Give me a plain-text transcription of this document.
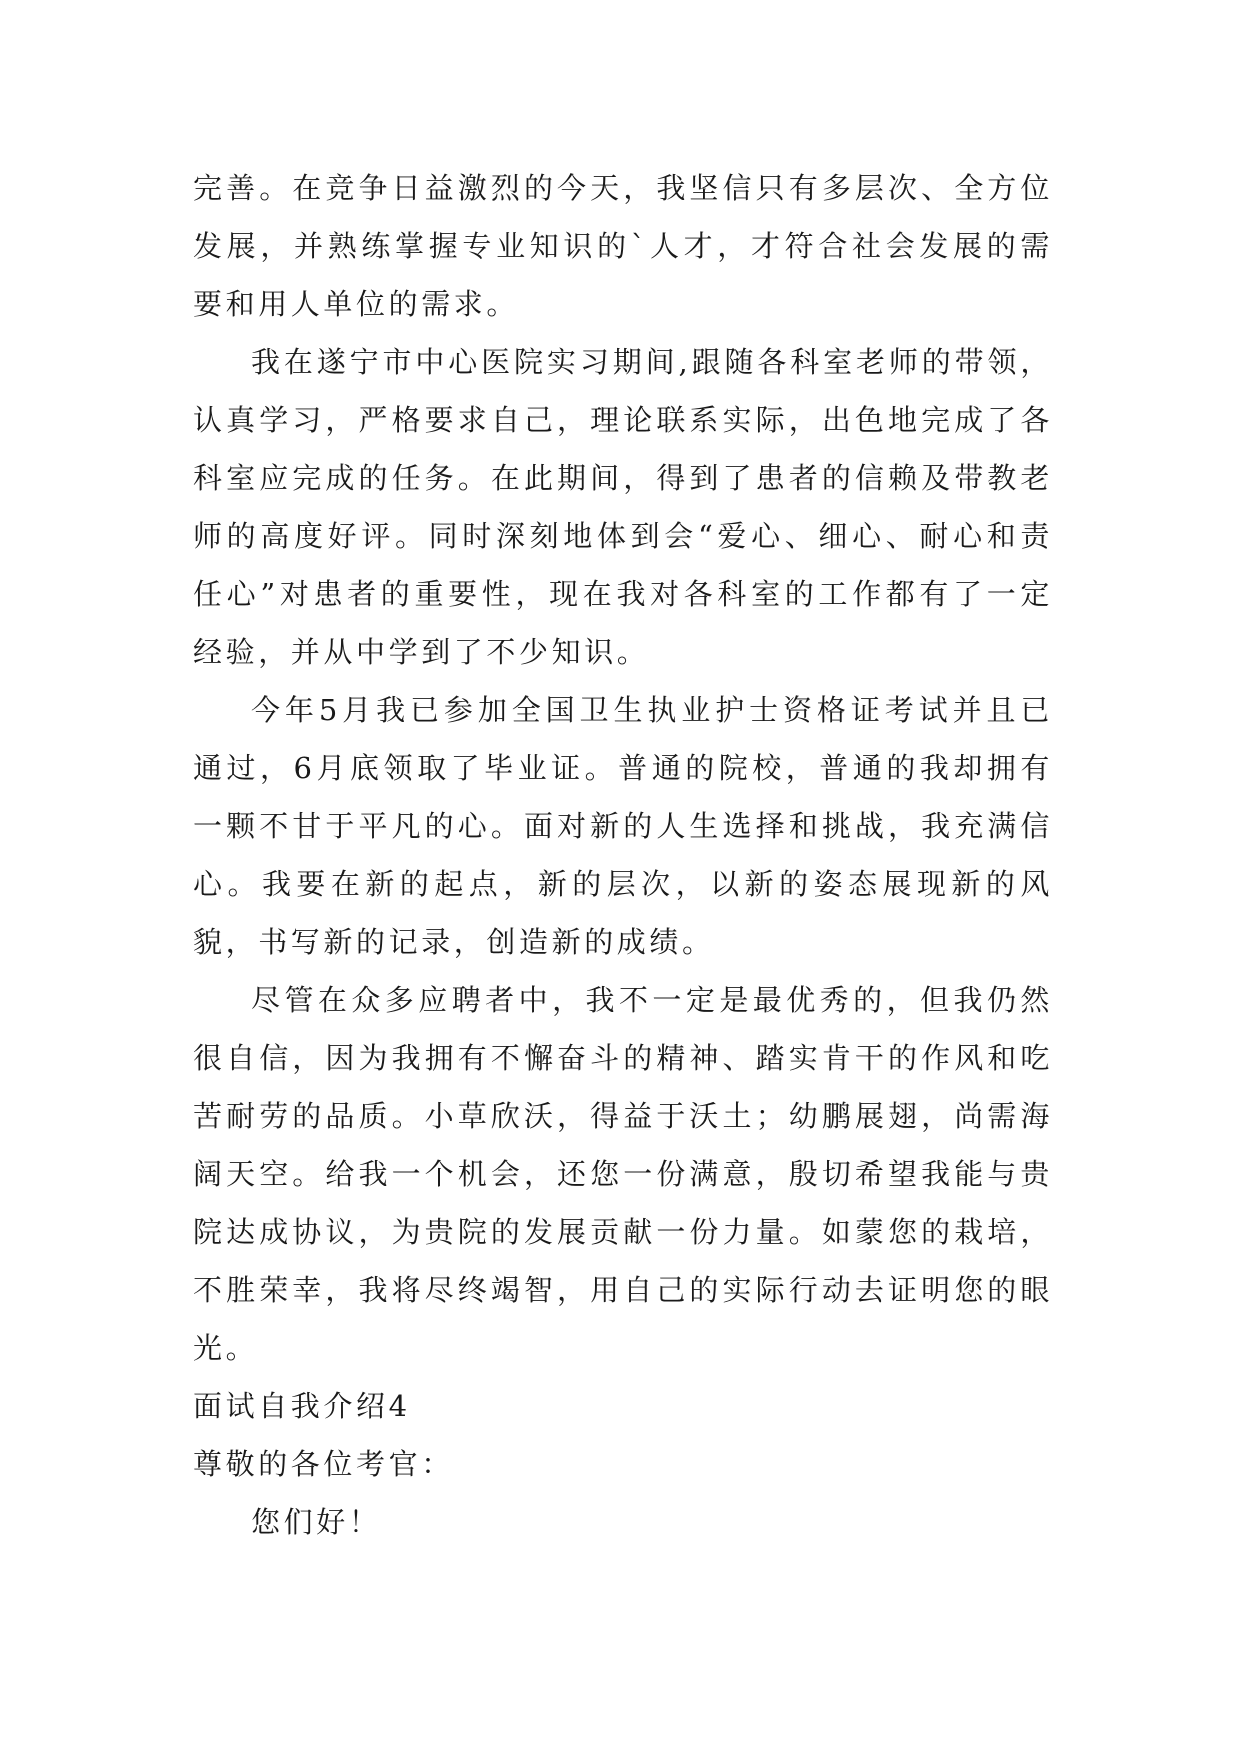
完善。在竞争日益激烈的今天，我坚信只有多层次、全方位发展，并熟练掌握专业知识的`人才，才符合社会发展的需要和用人单位的需求。

我在遂宁市中心医院实习期间,跟随各科室老师的带领，认真学习，严格要求自己，理论联系实际，出色地完成了各科室应完成的任务。在此期间，得到了患者的信赖及带教老师的高度好评。同时深刻地体到会“爱心、细心、耐心和责任心”对患者的重要性，现在我对各科室的工作都有了一定经验，并从中学到了不少知识。

今年5月我已参加全国卫生执业护士资格证考试并且已通过，6月底领取了毕业证。普通的院校，普通的我却拥有一颗不甘于平凡的心。面对新的人生选择和挑战，我充满信心。我要在新的起点，新的层次，以新的姿态展现新的风貌，书写新的记录，创造新的成绩。

尽管在众多应聘者中，我不一定是最优秀的，但我仍然很自信，因为我拥有不懈奋斗的精神、踏实肯干的作风和吃苦耐劳的品质。小草欣沃，得益于沃土；幼鹏展翅，尚需海阔天空。给我一个机会，还您一份满意，殷切希望我能与贵院达成协议，为贵院的发展贡献一份力量。如蒙您的栽培，不胜荣幸，我将尽终竭智，用自己的实际行动去证明您的眼光。

面试自我介绍4

尊敬的各位考官：

您们好！
